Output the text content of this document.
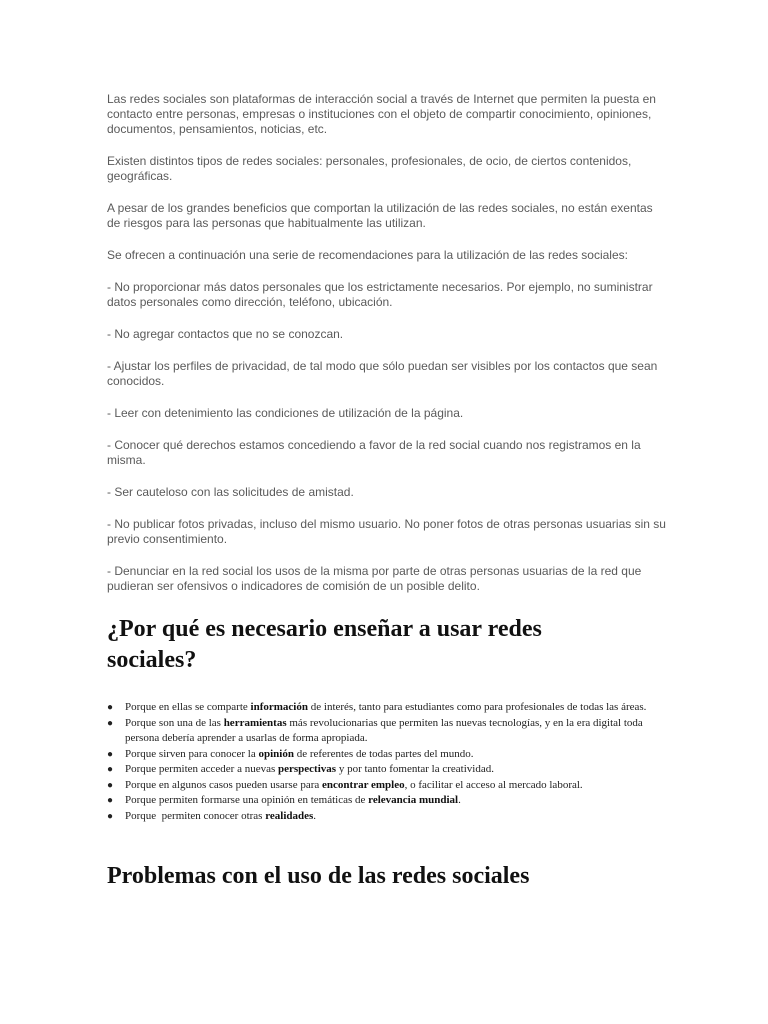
Las redes sociales son plataformas de interacción social a través de Internet que permiten la puesta en contacto entre personas, empresas o instituciones con el objeto de compartir conocimiento, opiniones, documentos, pensamientos, noticias, etc.

Existen distintos tipos de redes sociales: personales, profesionales, de ocio, de ciertos contenidos, geográficas.

A pesar de los grandes beneficios que comportan la utilización de las redes sociales, no están exentas de riesgos para las personas que habitualmente las utilizan.

Se ofrecen a continuación una serie de recomendaciones para la utilización de las redes sociales:

- No proporcionar más datos personales que los estrictamente necesarios. Por ejemplo, no suministrar datos personales como dirección, teléfono, ubicación.

- No agregar contactos que no se conozcan.

- Ajustar los perfiles de privacidad, de tal modo que sólo puedan ser visibles por los contactos que sean conocidos.

- Leer con detenimiento las condiciones de utilización de la página.

- Conocer qué derechos estamos concediendo a favor de la red social cuando nos registramos en la misma.

- Ser cauteloso con las solicitudes de amistad.

- No publicar fotos privadas, incluso del mismo usuario. No poner fotos de otras personas usuarias sin su previo consentimiento.

- Denunciar en la red social los usos de la misma por parte de otras personas usuarias de la red que pudieran ser ofensivos o indicadores de comisión de un posible delito.

¿Por qué es necesario enseñar a usar redes sociales?
● Porque en ellas se comparte información de interés, tanto para estudiantes como para profesionales de todas las áreas.
● Porque son una de las herramientas más revolucionarias que permiten las nuevas tecnologías, y en la era digital toda persona debería aprender a usarlas de forma apropiada.
● Porque sirven para conocer la opinión de referentes de todas partes del mundo.
● Porque permiten acceder a nuevas perspectivas y por tanto fomentar la creatividad.
● Porque en algunos casos pueden usarse para encontrar empleo, o facilitar el acceso al mercado laboral.
● Porque permiten formarse una opinión en temáticas de relevancia mundial.
● Porque  permiten conocer otras realidades.
Problemas con el uso de las redes sociales
